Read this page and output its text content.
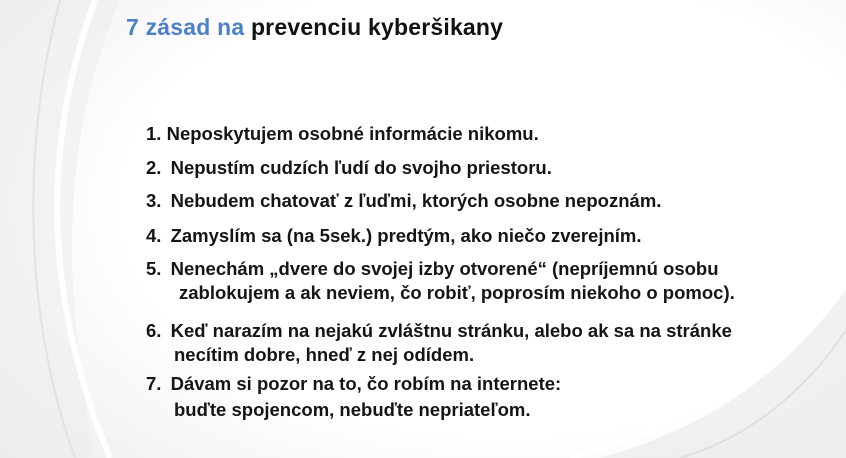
7 zásad na prevenciu kyberšikany
1. Neposkytujem osobné informácie nikomu.
2. Nepustím cudzích ľudí do svojho priestoru.
3. Nebudem chatovať z ľuďmi, ktorých osobne nepoznám.
4. Zamyslím sa (na 5sek.) predtým, ako niečo zverejním.
5. Nenechám „dvere do svojej izby otvorené“ (nepríjemnú osobu
zablokujem a ak neviem, čo robiť, poprosím niekoho o pomoc).
6. Keď narazím na nejakú zvláštnu stránku, alebo ak sa na stránke
necítim dobre, hneď z nej odídem.
7. Dávam si pozor na to, čo robím na internete:
buďte spojencom, nebuďte nepriateľom.
